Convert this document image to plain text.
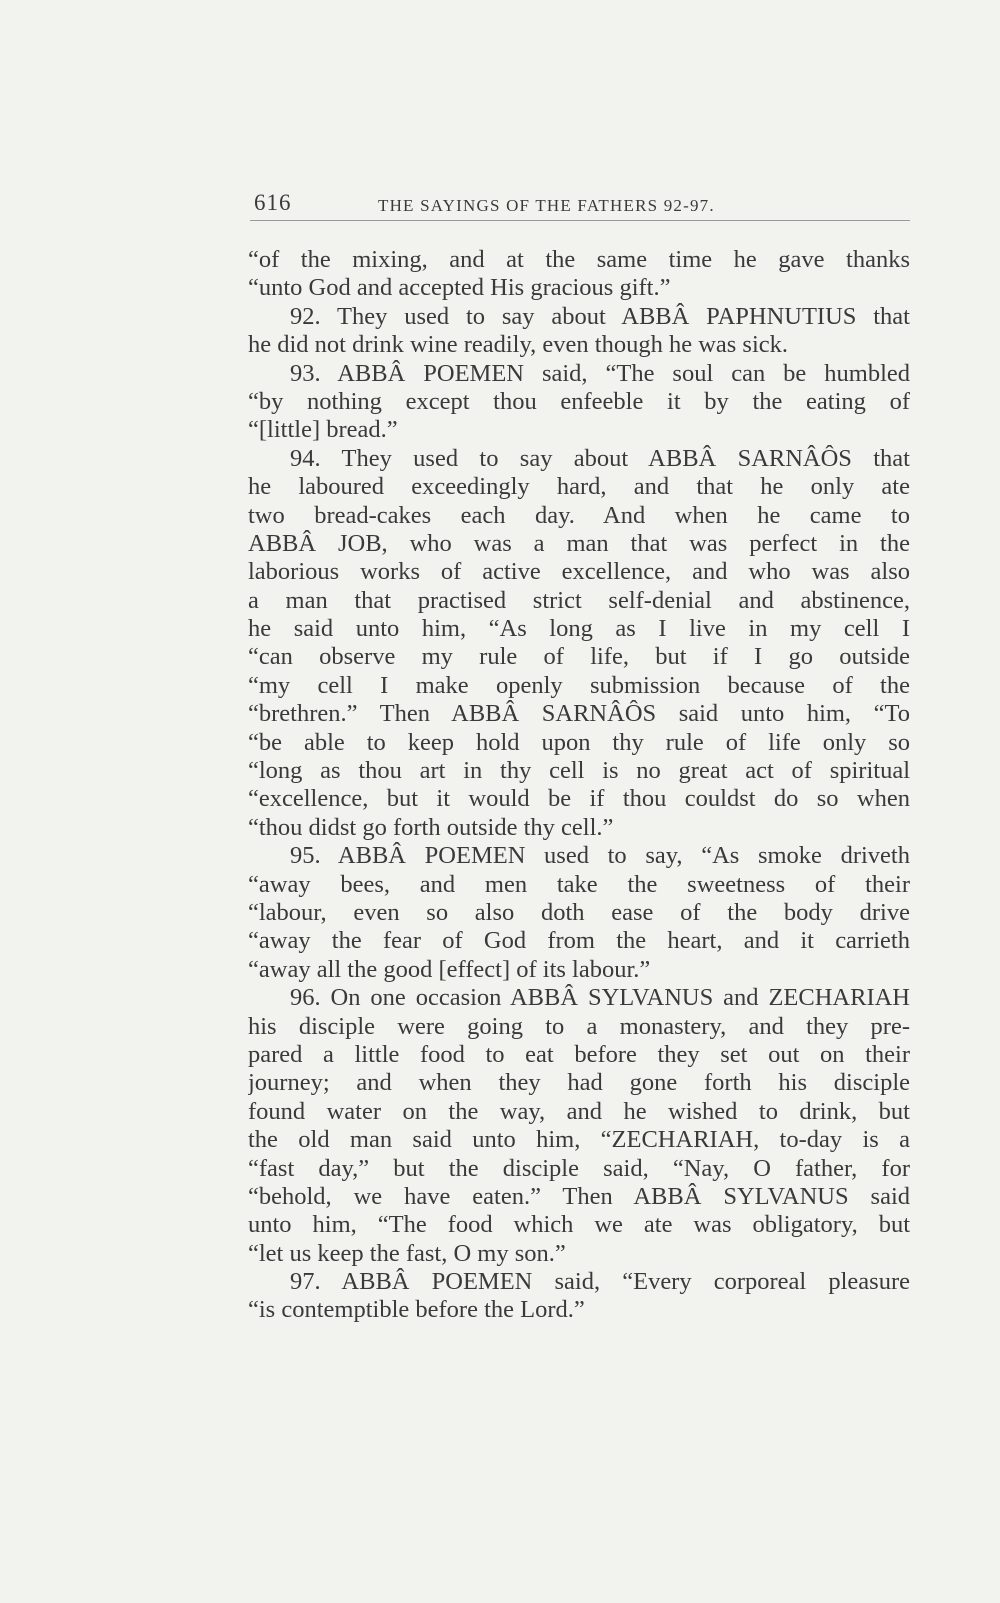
616	THE SAYINGS OF THE FATHERS 92-97.
“of the mixing, and at the same time he gave thanks
“unto God and accepted His gracious gift.”
92. They used to say about ABBÂ PAPHNUTIUS that
he did not drink wine readily, even though he was sick.
93. ABBÂ POEMEN said, “The soul can be humbled
“by nothing except thou enfeeble it by the eating of
“[little] bread.”
94. They used to say about ABBÂ SARNÂÔS that
he laboured exceedingly hard, and that he only ate
two bread-cakes each day. And when he came to
ABBÂ JOB, who was a man that was perfect in the
laborious works of active excellence, and who was also
a man that practised strict self-denial and abstinence,
he said unto him, “As long as I live in my cell I
“can observe my rule of life, but if I go outside
“my cell I make openly submission because of the
“brethren.” Then ABBÂ SARNÂÔS said unto him, “To
“be able to keep hold upon thy rule of life only so
“long as thou art in thy cell is no great act of spiritual
“excellence, but it would be if thou couldst do so when
“thou didst go forth outside thy cell.”
95. ABBÂ POEMEN used to say, “As smoke driveth
“away bees, and men take the sweetness of their
“labour, even so also doth ease of the body drive
“away the fear of God from the heart, and it carrieth
“away all the good [effect] of its labour.”
96. On one occasion ABBÂ SYLVANUS and ZECHARIAH
his disciple were going to a monastery, and they pre-
pared a little food to eat before they set out on their
journey; and when they had gone forth his disciple
found water on the way, and he wished to drink, but
the old man said unto him, “ZECHARIAH, to-day is a
“fast day,” but the disciple said, “Nay, O father, for
“behold, we have eaten.” Then ABBÂ SYLVANUS said
unto him, “The food which we ate was obligatory, but
“let us keep the fast, O my son.”
97. ABBÂ POEMEN said, “Every corporeal pleasure
“is contemptible before the Lord.”
